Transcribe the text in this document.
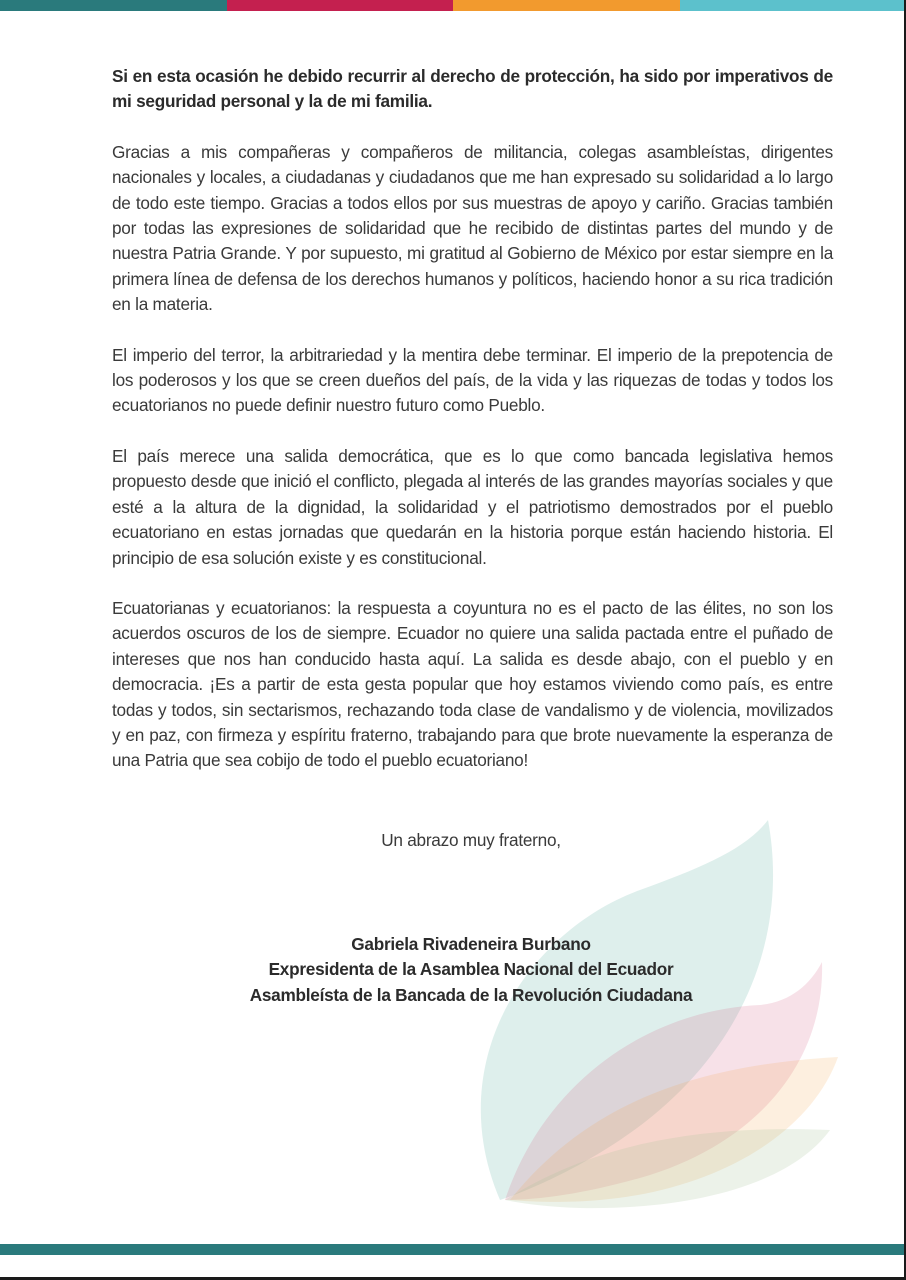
Si en esta ocasión he debido recurrir al derecho de protección, ha sido por imperativos de mi seguridad personal y la de mi familia.

Gracias a mis compañeras y compañeros de militancia, colegas asambleístas, dirigentes nacionales y locales, a ciudadanas y ciudadanos que me han expresado su solidaridad a lo largo de todo este tiempo. Gracias a todos ellos por sus muestras de apoyo y cariño. Gracias también por todas las expresiones de solidaridad que he recibido de distintas partes del mundo y de nuestra Patria Grande. Y por supuesto, mi gratitud al Gobierno de México por estar siempre en la primera línea de defensa de los derechos humanos y políticos, haciendo honor a su rica tradición en la materia.

El imperio del terror, la arbitrariedad y la mentira debe terminar. El imperio de la prepotencia de los poderosos y los que se creen dueños del país, de la vida y las riquezas de todas y todos los ecuatorianos no puede definir nuestro futuro como Pueblo.

El país merece una salida democrática, que es lo que como bancada legislativa hemos propuesto desde que inició el conflicto, plegada al interés de las grandes mayorías sociales y que esté a la altura de la dignidad, la solidaridad y el patriotismo demostrados por el pueblo ecuatoriano en estas jornadas que quedarán en la historia porque están haciendo historia. El principio de esa solución existe y es constitucional.

Ecuatorianas y ecuatorianos: la respuesta a coyuntura no es el pacto de las élites, no son los acuerdos oscuros de los de siempre. Ecuador no quiere una salida pactada entre el puñado de intereses que nos han conducido hasta aquí. La salida es desde abajo, con el pueblo y en democracia. ¡Es a partir de esta gesta popular que hoy estamos viviendo como país, es entre todas y todos, sin sectarismos, rechazando toda clase de vandalismo y de violencia, movilizados y en paz, con firmeza y espíritu fraterno, trabajando para que brote nuevamente la esperanza de una Patria que sea cobijo de todo el pueblo ecuatoriano!

Un abrazo muy fraterno,
Gabriela Rivadeneira Burbano
Expresidenta de la Asamblea Nacional del Ecuador
Asambleísta de la Bancada de la Revolución Ciudadana
